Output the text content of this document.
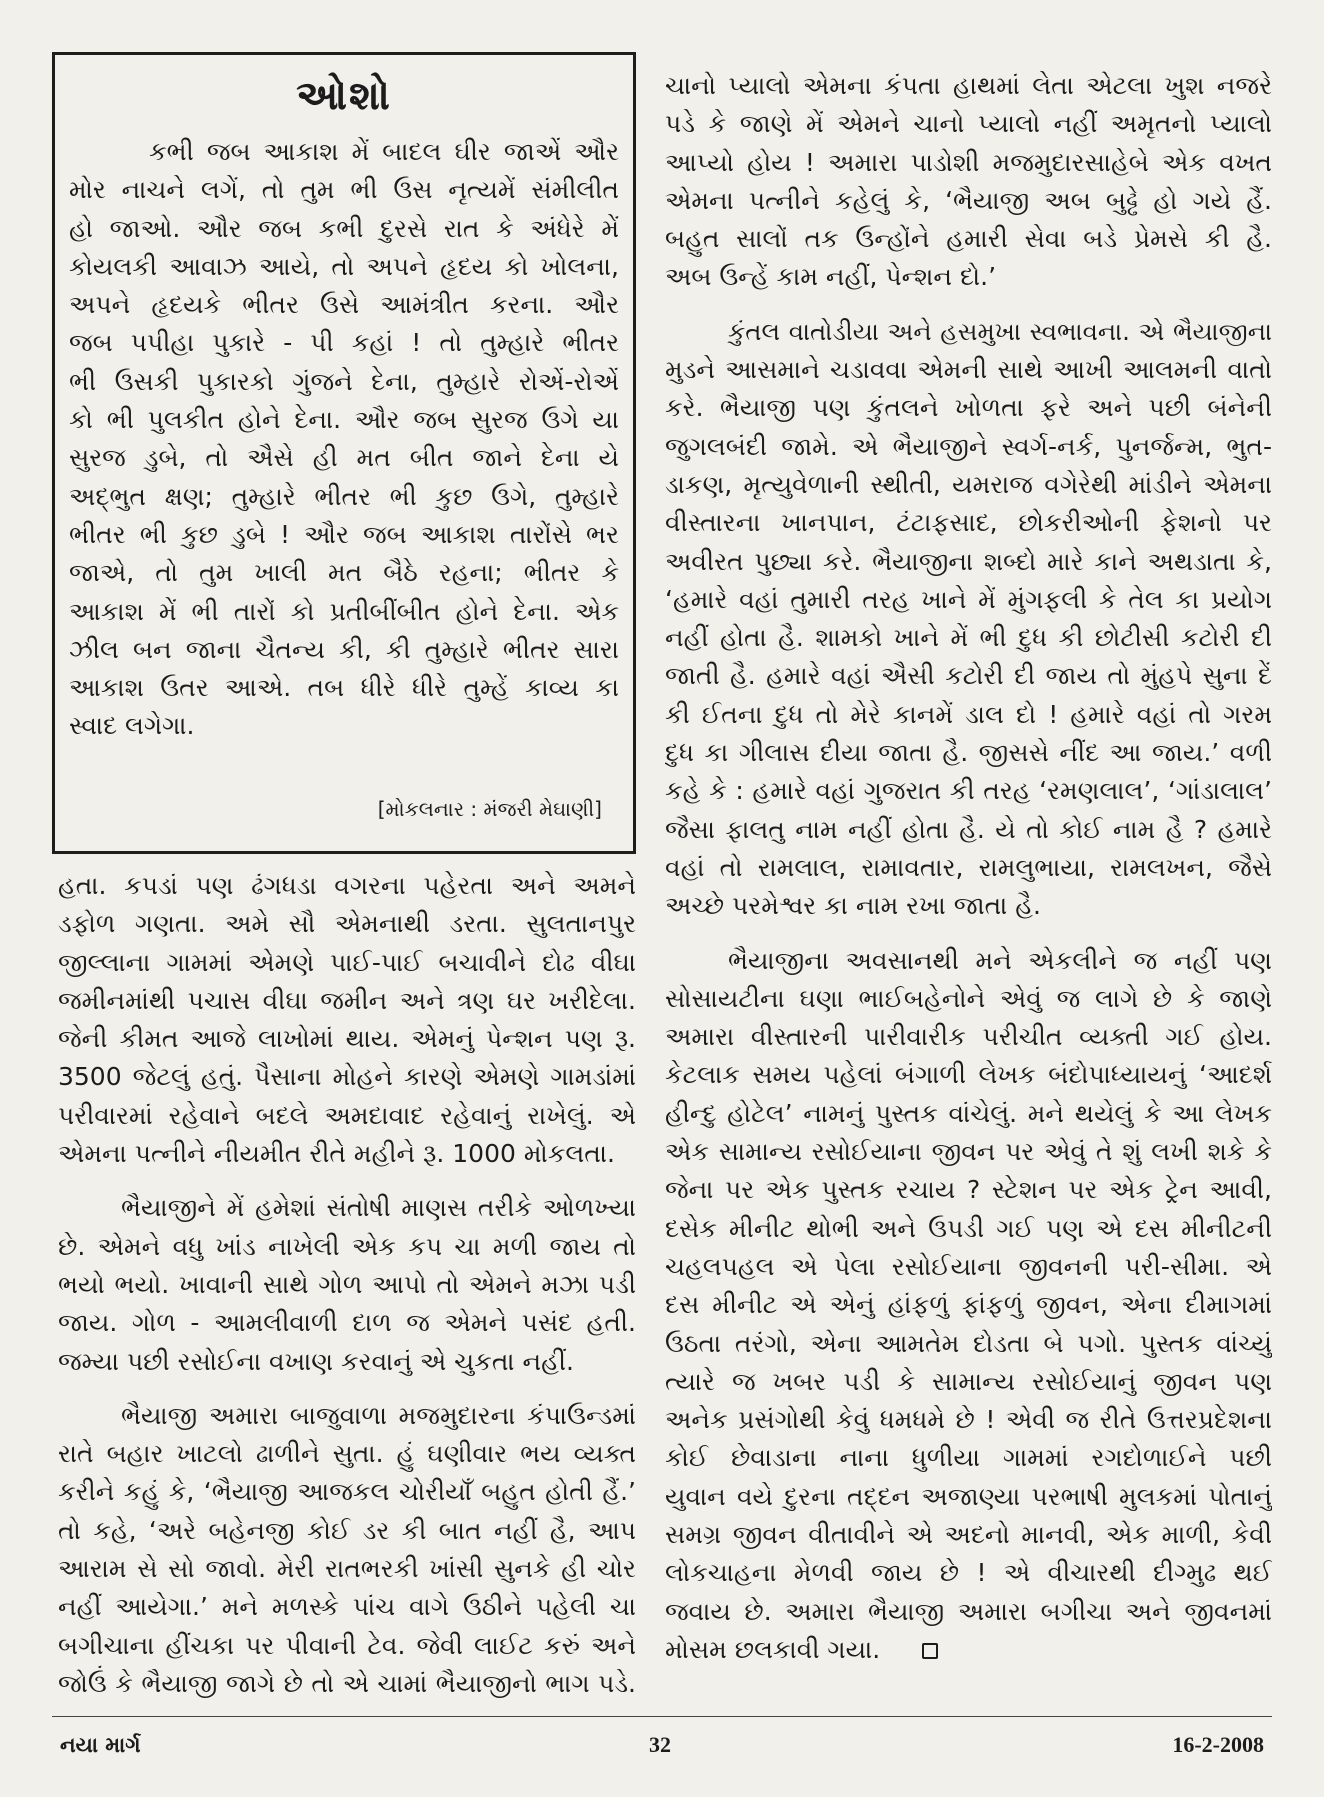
ઓશો
કભી જબ આકાશ મેં બાદલ ઘીર જાએં ઔર
મોર નાચને લગેં, તો તુમ ભી ઉસ નૃત્યમેં સંમીલીત
હો જાઓ. ઔર જબ કભી દુરસે રાત કે અંધેરે મેં
કોયલકી આવાઝ આયે, તો અપને હૃદય કો ખોલના,
અપને હૃદયકે ભીતર ઉસે આમંત્રીત કરના. ઔર
જબ પપીહા પુકારે - પી કહાં ! તો તુમ્હારે ભીતર
ભી ઉસકી પુકારકો ગુંજને દેના, તુમ્હારે રોએં-રોએં
કો ભી પુલકીત હોને દેના. ઔર જબ સુરજ ઉગે યા
સુરજ ડુબે, તો ઐસે હી મત બીત જાને દેના યે
અદ્ભુત ક્ષણ; તુમ્હારે ભીતર ભી કુછ ઉગે, તુમ્હારે
ભીતર ભી કુછ ડુબે ! ઔર જબ આકાશ તારોંસે ભર
જાએ, તો તુમ ખાલી મત બૈઠે રહના; ભીતર કે
આકાશ મેં ભી તારોં કો પ્રતીબીંબીત હોને દેના. એક
ઝીલ બન જાના ચૈતન્ય કી, કી તુમ્હારે ભીતર સારા
આકાશ ઉતર આએ. તબ ધીરે ધીરે તુમ્હેં કાવ્ય કા
સ્વાદ લગેગા.
[મોકલનાર : મંજરી મેઘાણી]
હતા. કપડાં પણ ઢંગધડા વગરના પહેરતા અને અમને
ડફોળ ગણતા. અમે સૌ એમનાથી ડરતા. સુલતાનપુર
જીલ્લાના ગામમાં એમણે પાઈ-પાઈ બચાવીને દોઢ વીઘા
જમીનમાંથી પચાસ વીઘા જમીન અને ત્રણ ઘર ખરીદેલા.
જેની કીમત આજે લાખોમાં થાય. એમનું પેન્શન પણ રૂ.
3500 જેટલું હતું. પૈસાના મોહને કારણે એમણે ગામડાંમાં
પરીવારમાં રહેવાને બદલે અમદાવાદ રહેવાનું રાખેલું. એ
એમના પત્નીને નીયમીત રીતે મહીને રૂ. 1000 મોકલતા.
ભૈયાજીને મેં હમેશાં સંતોષી માણસ તરીકે ઓળખ્યા
છે. એમને વધુ ખાંડ નાખેલી એક કપ ચા મળી જાય તો
ભયો ભયો. ખાવાની સાથે ગોળ આપો તો એમને મઝા પડી
જાય. ગોળ - આમલીવાળી દાળ જ એમને પસંદ હતી.
જમ્યા પછી રસોઈના વખાણ કરવાનું એ ચુકતા નહીં.
ભૈયાજી અમારા બાજુવાળા મજમુદારના કંપાઉન્ડમાં
રાતે બહાર ખાટલો ઢાળીને સુતા. હું ઘણીવાર ભય વ્યક્ત
કરીને કહું કે, ‘ભૈયાજી આજકલ ચોરીયાઁ બહુત હોતી હૈં.’
તો કહે, ‘અરે બહેનજી કોઈ ડર કી બાત નહીં હૈ, આપ
આરામ સે સો જાવો. મેરી રાતભરકી ખાંસી સુનકે હી ચોર
નહીં આયેગા.’ મને મળસ્કે પાંચ વાગે ઉઠીને પહેલી ચા
બગીચાના હીંચકા પર પીવાની ટેવ. જેવી લાઈટ કરું અને
જોઉં કે ભૈયાજી જાગે છે તો એ ચામાં ભૈયાજીનો ભાગ પડે.
ચાનો પ્યાલો એમના કંપતા હાથમાં લેતા એટલા ખુશ નજરે
પડે કે જાણે મેં એમને ચાનો પ્યાલો નહીં અમૃતનો પ્યાલો
આપ્યો હોય ! અમારા પાડોશી મજમુદારસાહેબે એક વખત
એમના પત્નીને કહેલું કે, ‘ભૈયાજી અબ બુઢ્ઢે હો ગયે હૈં.
બહુત સાલોં તક ઉન્હોંને હમારી સેવા બડે પ્રેમસે કી હૈ.
અબ ઉન્હેં કામ નહીં, પેન્શન દો.’
કુંતલ વાતોડીયા અને હસમુખા સ્વભાવના. એ ભૈયાજીના
મુડને આસમાને ચડાવવા એમની સાથે આખી આલમની વાતો
કરે. ભૈયાજી પણ કુંતલને ખોળતા ફરે અને પછી બંનેની
જુગલબંદી જામે. એ ભૈયાજીને સ્વર્ગ-નર્ક, પુનર્જન્મ, ભુત-
ડાકણ, મૃત્યુવેળાની સ્થીતી, યમરાજ વગેરેથી માંડીને એમના
વીસ્તારના ખાનપાન, ટંટાફસાદ, છોકરીઓની ફેશનો પર
અવીરત પુછ્યા કરે. ભૈયાજીના શબ્દો મારે કાને અથડાતા કે,
‘હમારે વહાં તુમારી તરહ ખાને મેં મુંગફલી કે તેલ કા પ્રયોગ
નહીં હોતા હૈ. શામકો ખાને મેં ભી દુધ કી છોટીસી કટોરી દી
જાતી હૈ. હમારે વહાં ઐસી કટોરી દી જાય તો મુંહપે સુના દેં
કી ઈતના દુધ તો મેરે કાનમેં ડાલ દો ! હમારે વહાં તો ગરમ
દુધ કા ગીલાસ દીયા જાતા હૈ. જીસસે નીંદ આ જાય.’ વળી
કહે કે : હમારે વહાં ગુજરાત કી તરહ ‘રમણલાલ’, ‘ગાંડાલાલ’
જૈસા ફાલતુ નામ નહીં હોતા હૈ. યે તો કોઈ નામ હૈ ? હમારે
વહાં તો રામલાલ, રામાવતાર, રામલુભાયા, રામલખન, જૈસે
અચ્છે પરમેશ્વર કા નામ રખા જાતા હૈ.
ભૈયાજીના અવસાનથી મને એકલીને જ નહીં પણ
સોસાયટીના ઘણા ભાઈબહેનોને એવું જ લાગે છે કે જાણે
અમારા વીસ્તારની પારીવારીક પરીચીત વ્યક્તી ગઈ હોય.
કેટલાક સમય પહેલાં બંગાળી લેખક બંદોપાધ્યાયનું ‘આદર્શ
હીન્દુ હોટેલ’ નામનું પુસ્તક વાંચેલું. મને થયેલું કે આ લેખક
એક સામાન્ય રસોઈયાના જીવન પર એવું તે શું લખી શકે કે
જેના પર એક પુસ્તક રચાય ? સ્ટેશન પર એક ટ્રેન આવી,
દસેક મીનીટ થોભી અને ઉપડી ગઈ પણ એ દસ મીનીટની
ચહલપહલ એ પેલા રસોઈયાના જીવનની પરી-સીમા. એ
દસ મીનીટ એ એનું હાંફળું ફાંફળું જીવન, એના દીમાગમાં
ઉઠતા તરંગો, એના આમતેમ દોડતા બે પગો. પુસ્તક વાંચ્યું
ત્યારે જ ખબર પડી કે સામાન્ય રસોઈયાનું જીવન પણ
અનેક પ્રસંગોથી કેવું ધમધમે છે ! એવી જ રીતે ઉત્તરપ્રદેશના
કોઈ છેવાડાના નાના ધુળીયા ગામમાં રગદોળાઈને પછી
યુવાન વયે દુરના તદ્દન અજાણ્યા પરભાષી મુલકમાં પોતાનું
સમગ્ર જીવન વીતાવીને એ અદનો માનવી, એક માળી, કેવી
લોકચાહના મેળવી જાય છે ! એ વીચારથી દીગ્મુઢ થઈ
જવાય છે. અમારા ભૈયાજી અમારા બગીચા અને જીવનમાં
મોસમ છલકાવી ગયા.
નયા માર્ગ	32	16-2-2008
